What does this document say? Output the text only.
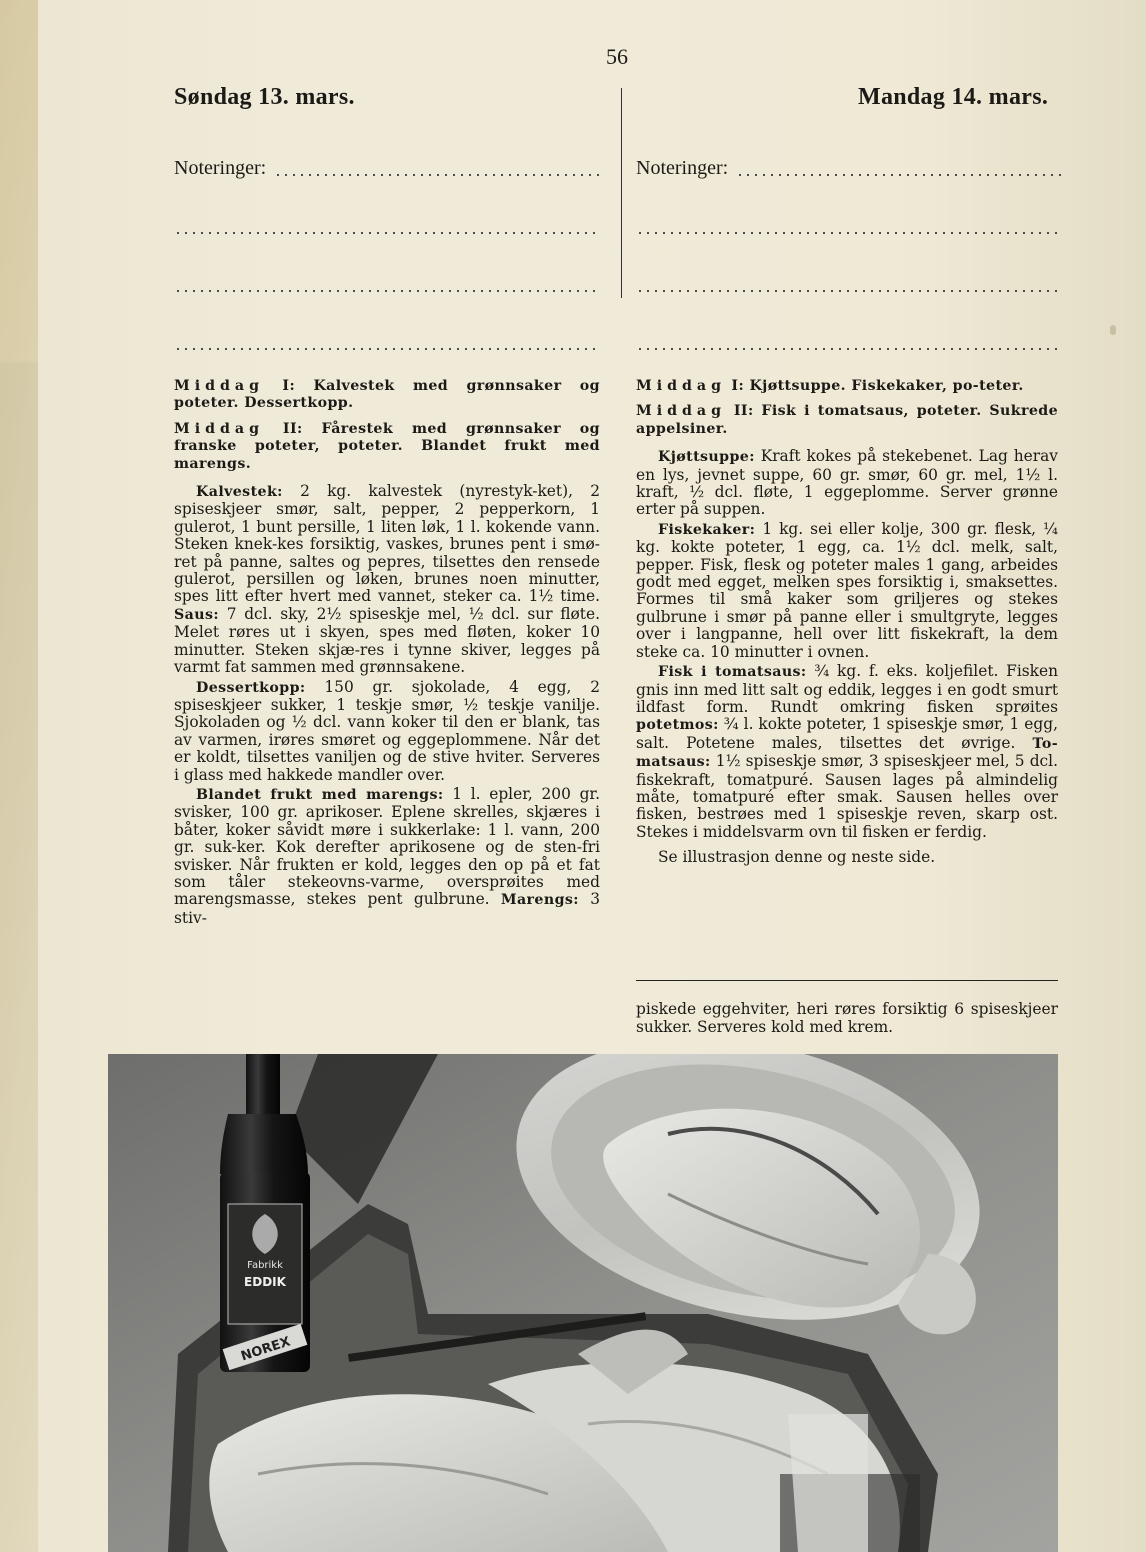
56
Søndag 13. mars.	Mandag 14. mars.
Noteringer:	Noteringer:

Middag I: Kalvestek med grønnsaker og poteter. Dessertkopp.

Middag II: Fårestek med grønnsaker og franske poteter, poteter. Blandet frukt med marengs.

Kalvestek: 2 kg. kalvestek (nyrestyk-ket), 2 spiseskjeer smør, salt, pepper, 2 pepperkorn, 1 gulerot, 1 bunt persille, 1 liten løk, 1 l. kokende vann. Steken knek-kes forsiktig, vaskes, brunes pent i smø-ret på panne, saltes og pepres, tilsettes den rensede gulerot, persillen og løken, brunes noen minutter, spes litt efter hvert med vannet, steker ca. 1½ time. Saus: 7 dcl. sky, 2½ spiseskje mel, ½ dcl. sur fløte. Melet røres ut i skyen, spes med fløten, koker 10 minutter. Steken skjæ-res i tynne skiver, legges på varmt fat sammen med grønnsakene.

Dessertkopp: 150 gr. sjokolade, 4 egg, 2 spiseskjeer sukker, 1 teskje smør, ½ teskje vanilje. Sjokoladen og ½ dcl. vann koker til den er blank, tas av varmen, irøres smøret og eggeplommene. Når det er koldt, tilsettes vaniljen og de stive hviter. Serveres i glass med hakkede mandler over.

Blandet frukt med marengs: 1 l. epler, 200 gr. svisker, 100 gr. aprikoser. Eplene skrelles, skjæres i båter, koker såvidt møre i sukkerlake: 1 l. vann, 200 gr. suk-ker. Kok derefter aprikosene og de sten-fri svisker. Når frukten er kold, legges den op på et fat som tåler stekeovns-varme, oversprøites med marengsmasse, stekes pent gulbrune. Marengs: 3 stiv-

Middag I: Kjøttsuppe. Fiskekaker, po-teter.

Middag II: Fisk i tomatsaus, poteter. Sukrede appelsiner.

Kjøttsuppe: Kraft kokes på stekebenet. Lag herav en lys, jevnet suppe, 60 gr. smør, 60 gr. mel, 1½ l. kraft, ½ dcl. fløte, 1 eggeplomme. Server grønne erter på suppen.

Fiskekaker: 1 kg. sei eller kolje, 300 gr. flesk, ¼ kg. kokte poteter, 1 egg, ca. 1½ dcl. melk, salt, pepper. Fisk, flesk og poteter males 1 gang, arbeides godt med egget, melken spes forsiktig i, smaksettes. Formes til små kaker som griljeres og stekes gulbrune i smør på panne eller i smultgryte, legges over i langpanne, hell over litt fiskekraft, la dem steke ca. 10 minutter i ovnen.

Fisk i tomatsaus: ¾ kg. f. eks. koljefilet. Fisken gnis inn med litt salt og eddik, legges i en godt smurt ildfast form. Rundt omkring fisken sprøites potetmos: ¾ l. kokte poteter, 1 spiseskje smør, 1 egg, salt. Potetene males, tilsettes det øvrige. To-matsaus: 1½ spiseskje smør, 3 spiseskjeer mel, 5 dcl. fiskekraft, tomatpuré. Sausen lages på almindelig måte, tomatpuré efter smak. Sausen helles over fisken, bestrøes med 1 spiseskje reven, skarp ost. Stekes i middelsvarm ovn til fisken er ferdig.

Se illustrasjon denne og neste side.

piskede eggehviter, heri røres forsiktig 6 spiseskjeer sukker. Serveres kold med krem.

Fabrikk
EDDIK
NOREX
